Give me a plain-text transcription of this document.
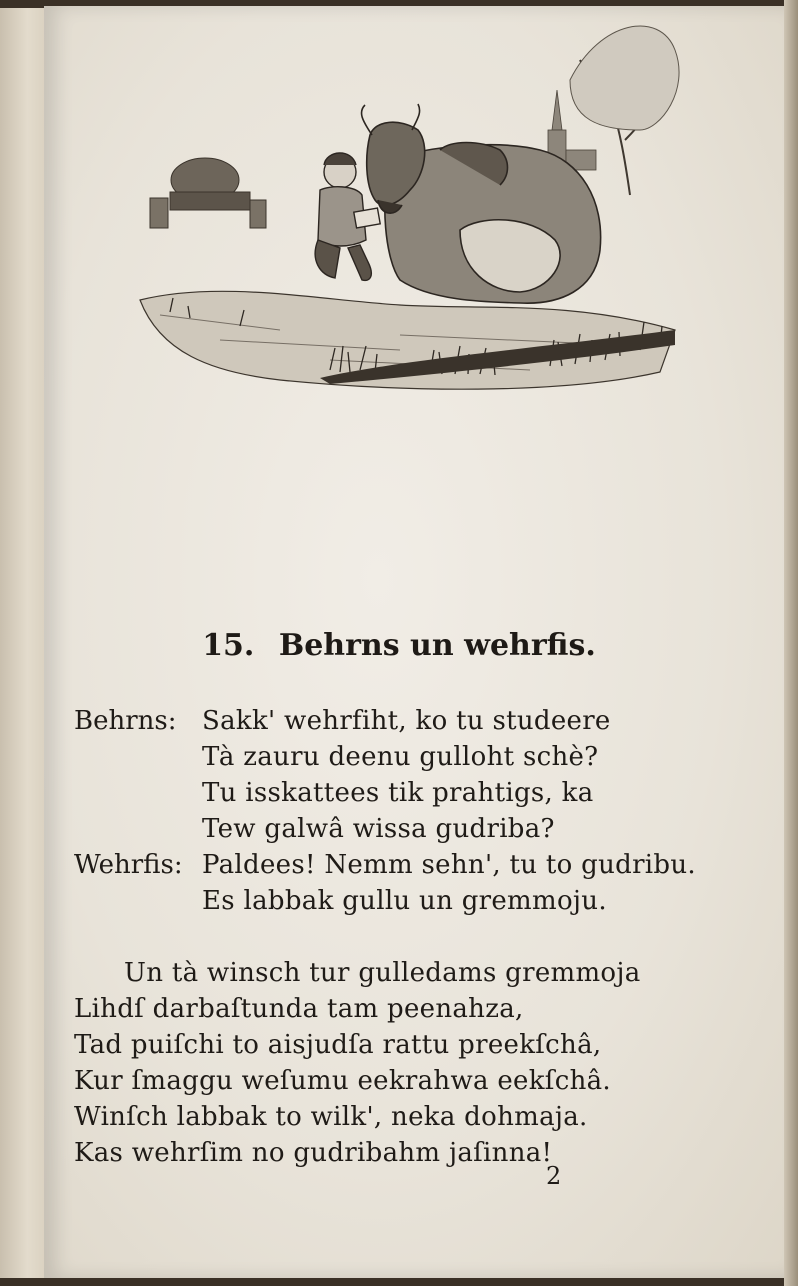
15. Behrns un wehrfis.
Behrns: Sakk' wehrfiht, ko tu studeere
Tà zauru deenu gulloht schè?
Tu isskattees tik prahtigs, ka
Tew galwâ wissa gudriba?
Wehrfis: Paldees! Nemm sehn', tu to gudribu.
Es labbak gullu un gremmoju.
Un tà winsch tur gulledams gremmoja
Lihdſ darbaſtunda tam peenahza,
Tad puiſchi to aisjudſa rattu preekſchâ,
Kur ſmaggu weſumu eekrahwa eekſchâ.
Winſch labbak to wilk', neka dohmaja.
Kas wehrſim no gudribahm jaſinna!
2
